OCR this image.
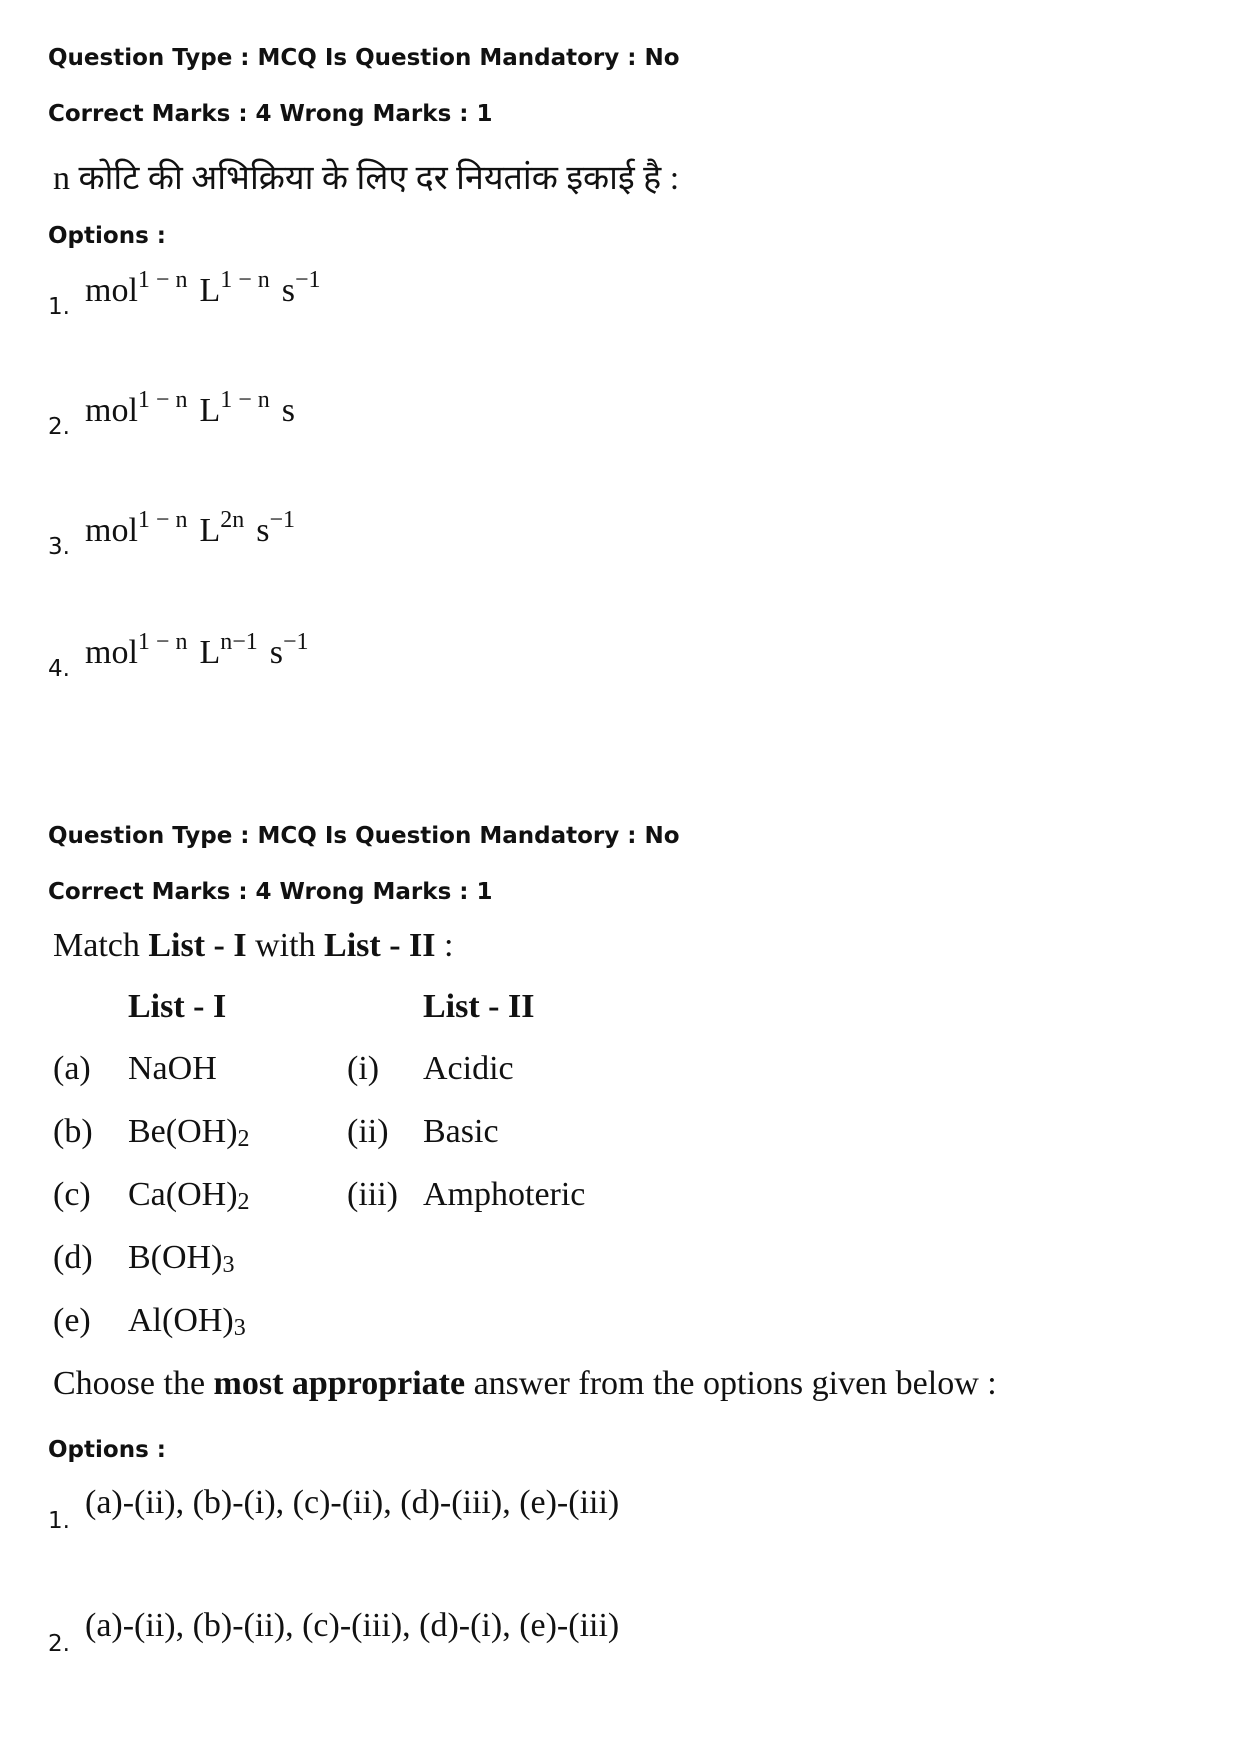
Question Type : MCQ Is Question Mandatory : No
Correct Marks : 4 Wrong Marks : 1
n कोटि की अभिक्रिया के लिए दर नियतांक इकाई है :
Options :
1. mol$^{1 - n}$ $L^{1 - n}$ $s^{-1}$
2. mol$^{1 - n}$ $L^{1 - n}$ s
3. mol$^{1 - n}$ $L^{2n}$ $s^{-1}$
4. mol$^{1 - n}$ $L^{n-1}$ $s^{-1}$
Question Type : MCQ Is Question Mandatory : No
Correct Marks : 4 Wrong Marks : 1
Match List - I with List - II :
List - I	List - II
(a) NaOH
(b) $Be(OH)_2$
(c) $Ca(OH)_2$
(d) $B(OH)_3$
(e) $Al(OH)_3$
(i) Acidic
(ii) Basic
(iii) Amphoteric
Choose the most appropriate answer from the options given below :
Options :
1. (a)-(ii), (b)-(i), (c)-(ii), (d)-(iii), (e)-(iii)
2. (a)-(ii), (b)-(ii), (c)-(iii), (d)-(i), (e)-(iii)
